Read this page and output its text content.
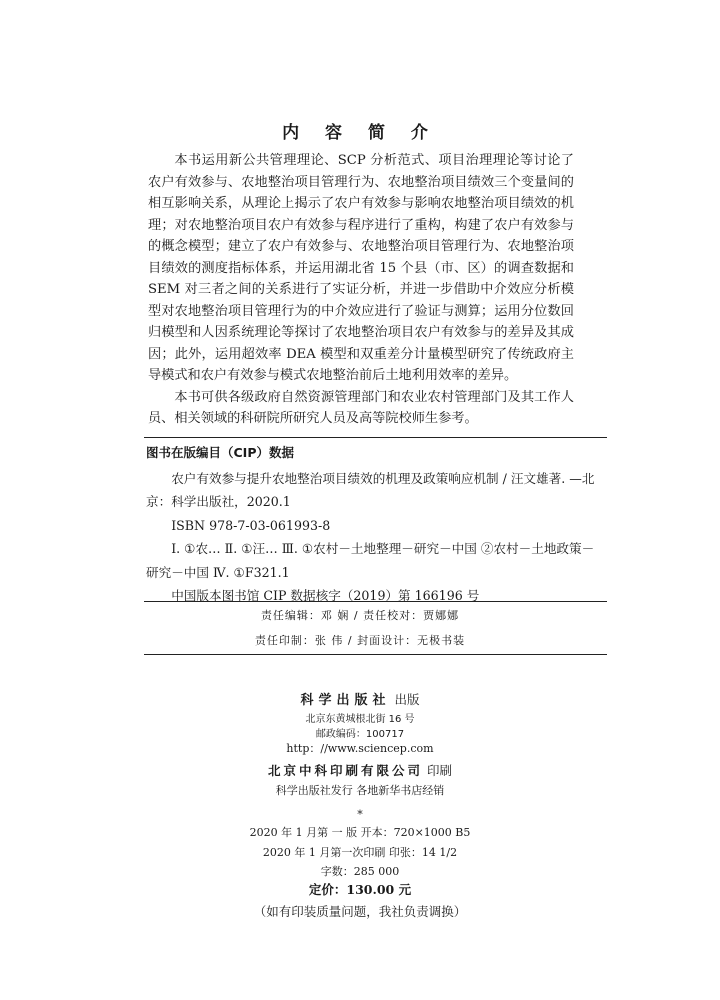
内 容 简 介

本书运用新公共管理理论、SCP 分析范式、项目治理理论等讨论了农户有效参与、农地整治项目管理行为、农地整治项目绩效三个变量间的相互影响关系，从理论上揭示了农户有效参与影响农地整治项目绩效的机理；对农地整治项目农户有效参与程序进行了重构，构建了农户有效参与的概念模型；建立了农户有效参与、农地整治项目管理行为、农地整治项目绩效的测度指标体系，并运用湖北省 15 个县（市、区）的调查数据和 SEM 对三者之间的关系进行了实证分析，并进一步借助中介效应分析模型对农地整治项目管理行为的中介效应进行了验证与测算；运用分位数回归模型和人因系统理论等探讨了农地整治项目农户有效参与的差异及其成因；此外，运用超效率 DEA 模型和双重差分计量模型研究了传统政府主导模式和农户有效参与模式农地整治前后土地利用效率的差异。

本书可供各级政府自然资源管理部门和农业农村管理部门及其工作人员、相关领域的科研院所研究人员及高等院校师生参考。

图书在版编目（CIP）数据

农户有效参与提升农地整治项目绩效的机理及政策响应机制 / 汪文雄著. —北京：科学出版社，2020.1

ISBN 978-7-03-061993-8

Ⅰ. ①农… Ⅱ. ①汪… Ⅲ. ①农村－土地整理－研究－中国 ②农村－土地政策－研究－中国 Ⅳ. ①F321.1

中国版本图书馆 CIP 数据核字（2019）第 166196 号

责任编辑：邓 娴 / 责任校对：贾娜娜
责任印制：张 伟 / 封面设计：无极书装
科学出版社 出版
北京东黄城根北街 16 号
邮政编码：100717
http：//www.sciencep.com
北京中科印刷有限公司 印刷
科学出版社发行 各地新华书店经销
*
2020 年 1 月第 一 版 开本：720×1000 B5
2020 年 1 月第一次印刷 印张：14 1/2
字数：285 000
定价：130.00 元
（如有印装质量问题，我社负责调换）
